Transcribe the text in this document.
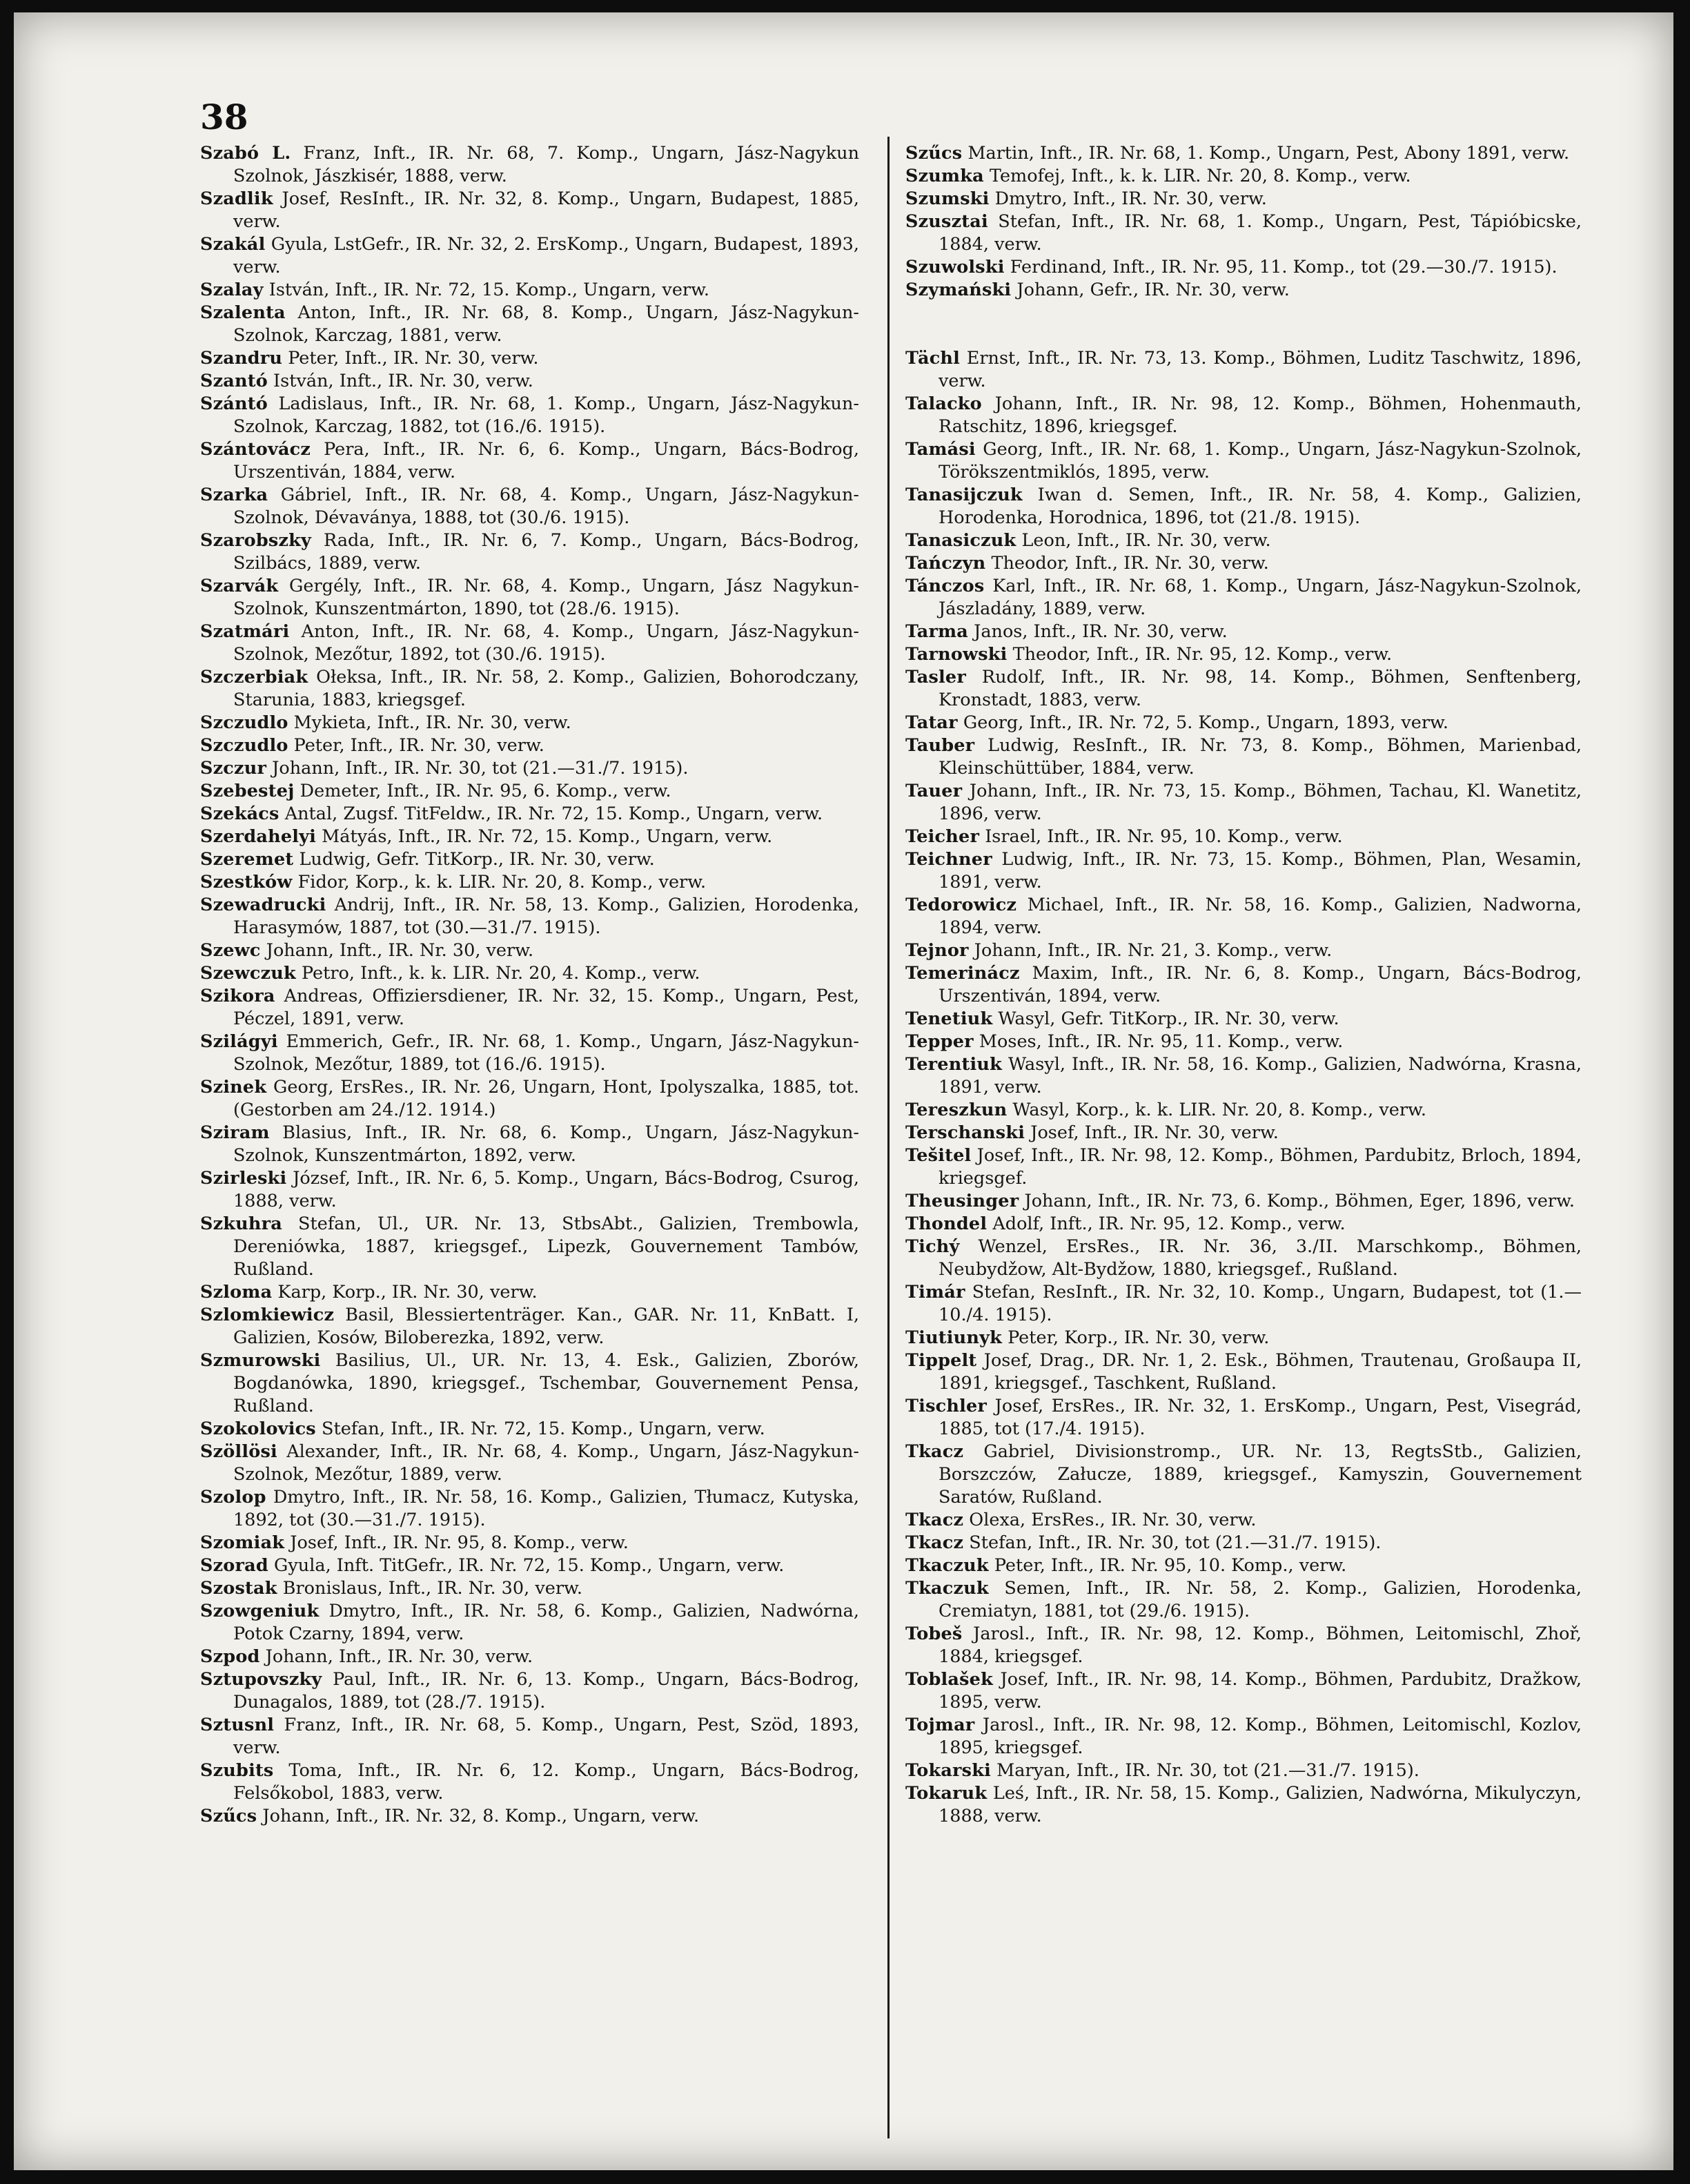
38

Szabó L. Franz, Inft., IR. Nr. 68, 7. Komp., Ungarn, Jász-Nagykun Szolnok, Jászkisér, 1888, verw.

Szadlik Josef, ResInft., IR. Nr. 32, 8. Komp., Ungarn, Budapest, 1885, verw.

Szakál Gyula, LstGefr., IR. Nr. 32, 2. ErsKomp., Ungarn, Budapest, 1893, verw.

Szalay István, Inft., IR. Nr. 72, 15. Komp., Ungarn, verw.

Szalenta Anton, Inft., IR. Nr. 68, 8. Komp., Ungarn, Jász-Nagykun-Szolnok, Karczag, 1881, verw.

Szandru Peter, Inft., IR. Nr. 30, verw.

Szantó István, Inft., IR. Nr. 30, verw.

Szántó Ladislaus, Inft., IR. Nr. 68, 1. Komp., Ungarn, Jász-Nagykun-Szolnok, Karczag, 1882, tot (16./6. 1915).

Szántovácz Pera, Inft., IR. Nr. 6, 6. Komp., Ungarn, Bács-Bodrog, Urszentiván, 1884, verw.

Szarka Gábriel, Inft., IR. Nr. 68, 4. Komp., Ungarn, Jász-Nagykun-Szolnok, Dévaványa, 1888, tot (30./6. 1915).

Szarobszky Rada, Inft., IR. Nr. 6, 7. Komp., Ungarn, Bács-Bodrog, Szilbács, 1889, verw.

Szarvák Gergély, Inft., IR. Nr. 68, 4. Komp., Ungarn, Jász Nagykun-Szolnok, Kunszentmárton, 1890, tot (28./6. 1915).

Szatmári Anton, Inft., IR. Nr. 68, 4. Komp., Ungarn, Jász-Nagykun-Szolnok, Mezőtur, 1892, tot (30./6. 1915).

Szczerbiak Ołeksa, Inft., IR. Nr. 58, 2. Komp., Galizien, Bohorodczany, Starunia, 1883, kriegsgef.

Szczudlo Mykieta, Inft., IR. Nr. 30, verw.

Szczudlo Peter, Inft., IR. Nr. 30, verw.

Szczur Johann, Inft., IR. Nr. 30, tot (21.—31./7. 1915).

Szebestej Demeter, Inft., IR. Nr. 95, 6. Komp., verw.

Szekács Antal, Zugsf. TitFeldw., IR. Nr. 72, 15. Komp., Ungarn, verw.

Szerdahelyi Mátyás, Inft., IR. Nr. 72, 15. Komp., Ungarn, verw.

Szeremet Ludwig, Gefr. TitKorp., IR. Nr. 30, verw.

Szestków Fidor, Korp., k. k. LIR. Nr. 20, 8. Komp., verw.

Szewadrucki Andrij, Inft., IR. Nr. 58, 13. Komp., Galizien, Horodenka, Harasymów, 1887, tot (30.—31./7. 1915).

Szewc Johann, Inft., IR. Nr. 30, verw.

Szewczuk Petro, Inft., k. k. LIR. Nr. 20, 4. Komp., verw.

Szikora Andreas, Offiziersdiener, IR. Nr. 32, 15. Komp., Ungarn, Pest, Péczel, 1891, verw.

Szilágyi Emmerich, Gefr., IR. Nr. 68, 1. Komp., Ungarn, Jász-Nagykun-Szolnok, Mezőtur, 1889, tot (16./6. 1915).

Szinek Georg, ErsRes., IR. Nr. 26, Ungarn, Hont, Ipolyszalka, 1885, tot. (Gestorben am 24./12. 1914.)

Sziram Blasius, Inft., IR. Nr. 68, 6. Komp., Ungarn, Jász-Nagykun-Szolnok, Kunszentmárton, 1892, verw.

Szirleski József, Inft., IR. Nr. 6, 5. Komp., Ungarn, Bács-Bodrog, Csurog, 1888, verw.

Szkuhra Stefan, Ul., UR. Nr. 13, StbsAbt., Galizien, Trembowla, Dereniówka, 1887, kriegsgef., Lipezk, Gouvernement Tambów, Rußland.

Szloma Karp, Korp., IR. Nr. 30, verw.

Szlomkiewicz Basil, Blessiertenträger. Kan., GAR. Nr. 11, KnBatt. I, Galizien, Kosów, Biloberezka, 1892, verw.

Szmurowski Basilius, Ul., UR. Nr. 13, 4. Esk., Galizien, Zborów, Bogdanówka, 1890, kriegsgef., Tschembar, Gouvernement Pensa, Rußland.

Szokolovics Stefan, Inft., IR. Nr. 72, 15. Komp., Ungarn, verw.

Szöllösi Alexander, Inft., IR. Nr. 68, 4. Komp., Ungarn, Jász-Nagykun-Szolnok, Mezőtur, 1889, verw.

Szolop Dmytro, Inft., IR. Nr. 58, 16. Komp., Galizien, Tłumacz, Kutyska, 1892, tot (30.—31./7. 1915).

Szomiak Josef, Inft., IR. Nr. 95, 8. Komp., verw.

Szorad Gyula, Inft. TitGefr., IR. Nr. 72, 15. Komp., Ungarn, verw.

Szostak Bronislaus, Inft., IR. Nr. 30, verw.

Szowgeniuk Dmytro, Inft., IR. Nr. 58, 6. Komp., Galizien, Nadwórna, Potok Czarny, 1894, verw.

Szpod Johann, Inft., IR. Nr. 30, verw.

Sztupovszky Paul, Inft., IR. Nr. 6, 13. Komp., Ungarn, Bács-Bodrog, Dunagalos, 1889, tot (28./7. 1915).

Sztusnl Franz, Inft., IR. Nr. 68, 5. Komp., Ungarn, Pest, Szöd, 1893, verw.

Szubits Toma, Inft., IR. Nr. 6, 12. Komp., Ungarn, Bács-Bodrog, Felsőkobol, 1883, verw.

Szűcs Johann, Inft., IR. Nr. 32, 8. Komp., Ungarn, verw.

Szűcs Martin, Inft., IR. Nr. 68, 1. Komp., Ungarn, Pest, Abony 1891, verw.

Szumka Temofej, Inft., k. k. LIR. Nr. 20, 8. Komp., verw.

Szumski Dmytro, Inft., IR. Nr. 30, verw.

Szusztai Stefan, Inft., IR. Nr. 68, 1. Komp., Ungarn, Pest, Tápióbicske, 1884, verw.

Szuwolski Ferdinand, Inft., IR. Nr. 95, 11. Komp., tot (29.—30./7. 1915).

Szymański Johann, Gefr., IR. Nr. 30, verw.

Tächl Ernst, Inft., IR. Nr. 73, 13. Komp., Böhmen, Luditz Taschwitz, 1896, verw.

Talacko Johann, Inft., IR. Nr. 98, 12. Komp., Böhmen, Hohenmauth, Ratschitz, 1896, kriegsgef.

Tamási Georg, Inft., IR. Nr. 68, 1. Komp., Ungarn, Jász-Nagykun-Szolnok, Törökszentmiklós, 1895, verw.

Tanasijczuk Iwan d. Semen, Inft., IR. Nr. 58, 4. Komp., Galizien, Horodenka, Horodnica, 1896, tot (21./8. 1915).

Tanasiczuk Leon, Inft., IR. Nr. 30, verw.

Tańczyn Theodor, Inft., IR. Nr. 30, verw.

Tánczos Karl, Inft., IR. Nr. 68, 1. Komp., Ungarn, Jász-Nagykun-Szolnok, Jászladány, 1889, verw.

Tarma Janos, Inft., IR. Nr. 30, verw.

Tarnowski Theodor, Inft., IR. Nr. 95, 12. Komp., verw.

Tasler Rudolf, Inft., IR. Nr. 98, 14. Komp., Böhmen, Senftenberg, Kronstadt, 1883, verw.

Tatar Georg, Inft., IR. Nr. 72, 5. Komp., Ungarn, 1893, verw.

Tauber Ludwig, ResInft., IR. Nr. 73, 8. Komp., Böhmen, Marienbad, Kleinschüttüber, 1884, verw.

Tauer Johann, Inft., IR. Nr. 73, 15. Komp., Böhmen, Tachau, Kl. Wanetitz, 1896, verw.

Teicher Israel, Inft., IR. Nr. 95, 10. Komp., verw.

Teichner Ludwig, Inft., IR. Nr. 73, 15. Komp., Böhmen, Plan, Wesamin, 1891, verw.

Tedorowicz Michael, Inft., IR. Nr. 58, 16. Komp., Galizien, Nadworna, 1894, verw.

Tejnor Johann, Inft., IR. Nr. 21, 3. Komp., verw.

Temerinácz Maxim, Inft., IR. Nr. 6, 8. Komp., Ungarn, Bács-Bodrog, Urszentiván, 1894, verw.

Tenetiuk Wasyl, Gefr. TitKorp., IR. Nr. 30, verw.

Tepper Moses, Inft., IR. Nr. 95, 11. Komp., verw.

Terentiuk Wasyl, Inft., IR. Nr. 58, 16. Komp., Galizien, Nadwórna, Krasna, 1891, verw.

Tereszkun Wasyl, Korp., k. k. LIR. Nr. 20, 8. Komp., verw.

Terschanski Josef, Inft., IR. Nr. 30, verw.

Tešitel Josef, Inft., IR. Nr. 98, 12. Komp., Böhmen, Pardubitz, Brloch, 1894, kriegsgef.

Theusinger Johann, Inft., IR. Nr. 73, 6. Komp., Böhmen, Eger, 1896, verw.

Thondel Adolf, Inft., IR. Nr. 95, 12. Komp., verw.

Tichý Wenzel, ErsRes., IR. Nr. 36, 3./II. Marschkomp., Böhmen, Neubydžow, Alt-Bydžow, 1880, kriegsgef., Rußland.

Timár Stefan, ResInft., IR. Nr. 32, 10. Komp., Ungarn, Budapest, tot (1.—10./4. 1915).

Tiutiunyk Peter, Korp., IR. Nr. 30, verw.

Tippelt Josef, Drag., DR. Nr. 1, 2. Esk., Böhmen, Trautenau, Großaupa II, 1891, kriegsgef., Taschkent, Rußland.

Tischler Josef, ErsRes., IR. Nr. 32, 1. ErsKomp., Ungarn, Pest, Visegrád, 1885, tot (17./4. 1915).

Tkacz Gabriel, Divisionstromp., UR. Nr. 13, RegtsStb., Galizien, Borszczów, Załucze, 1889, kriegsgef., Kamyszin, Gouvernement Saratów, Rußland.

Tkacz Olexa, ErsRes., IR. Nr. 30, verw.

Tkacz Stefan, Inft., IR. Nr. 30, tot (21.—31./7. 1915).

Tkaczuk Peter, Inft., IR. Nr. 95, 10. Komp., verw.

Tkaczuk Semen, Inft., IR. Nr. 58, 2. Komp., Galizien, Horodenka, Cremiatyn, 1881, tot (29./6. 1915).

Tobeš Jarosl., Inft., IR. Nr. 98, 12. Komp., Böhmen, Leitomischl, Zhoř, 1884, kriegsgef.

Toblašek Josef, Inft., IR. Nr. 98, 14. Komp., Böhmen, Pardubitz, Dražkow, 1895, verw.

Tojmar Jarosl., Inft., IR. Nr. 98, 12. Komp., Böhmen, Leitomischl, Kozlov, 1895, kriegsgef.

Tokarski Maryan, Inft., IR. Nr. 30, tot (21.—31./7. 1915).

Tokaruk Leś, Inft., IR. Nr. 58, 15. Komp., Galizien, Nadwórna, Mikulyczyn, 1888, verw.
